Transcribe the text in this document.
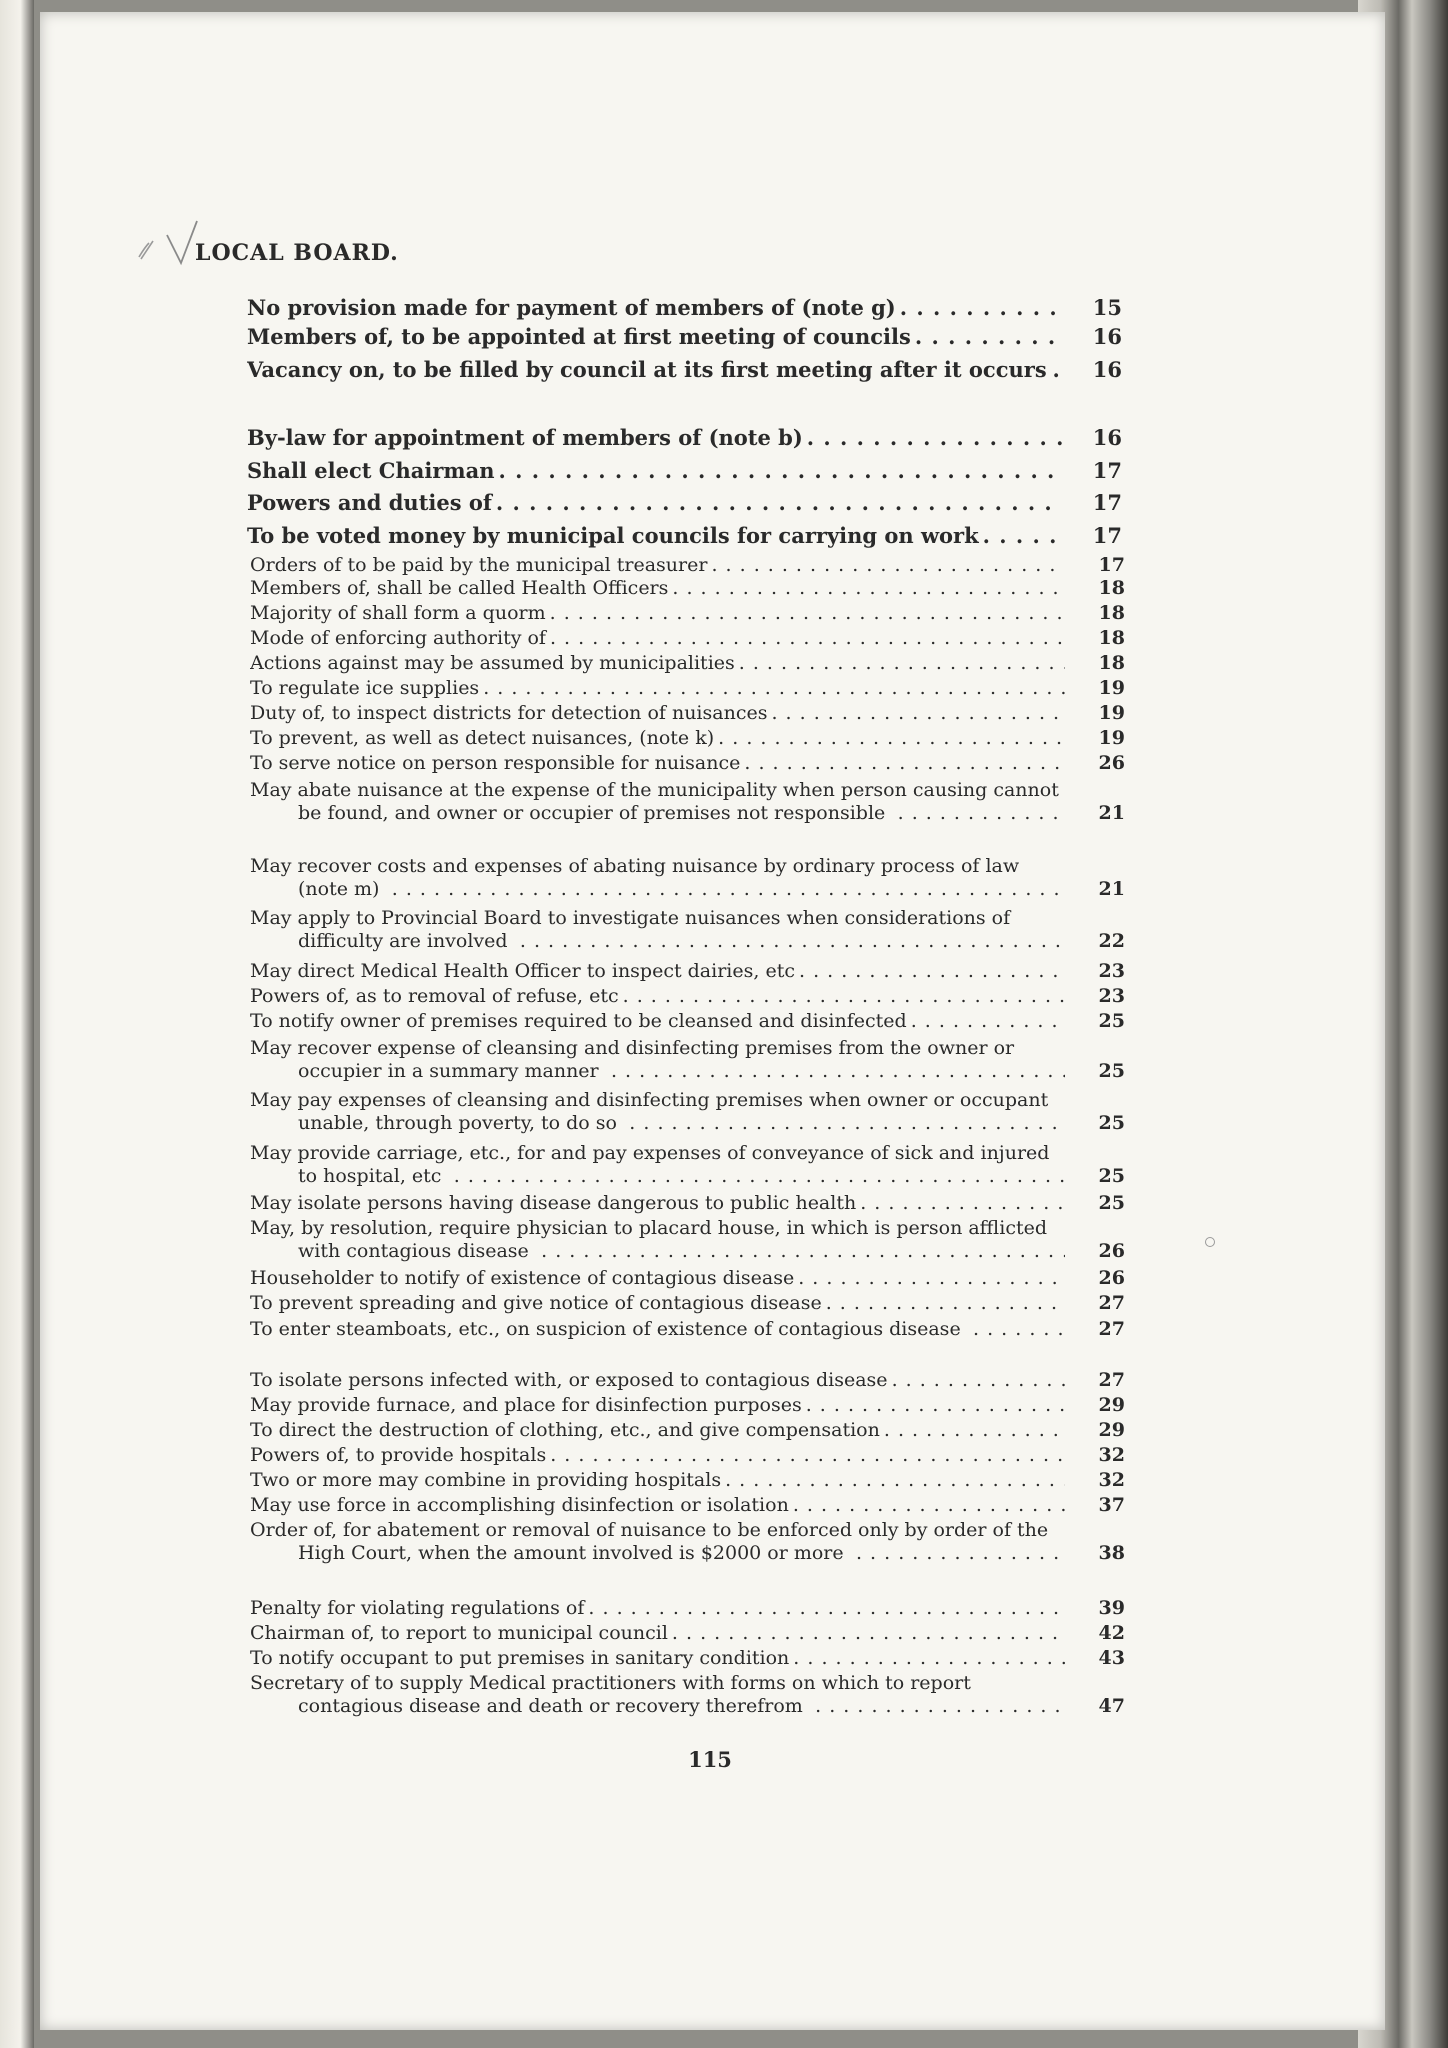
LOCAL BOARD.
No provision made for payment of members of (note g) . . .	15
Members of, to be appointed at first meeting of councils . . .	16
Vacancy on, to be filled by council at its first meeting after it occurs . . .	16
By-law for appointment of members of (note b) . . .	16
Shall elect Chairman . . .	17
Powers and duties of . . .	17
To be voted money by municipal councils for carrying on work . . .	17
Orders of to be paid by the municipal treasurer . . .	17
Members of, shall be called Health Officers . . .	18
Majority of shall form a quorm . . .	18
Mode of enforcing authority of . . .	18
Actions against may be assumed by municipalities . . .	18
To regulate ice supplies . . .	19
Duty of, to inspect districts for detection of nuisances . . .	19
To prevent, as well as detect nuisances, (note k) . . .	19
To serve notice on person responsible for nuisance . . .	26
May abate nuisance at the expense of the municipality when person causing cannot be found, and owner or occupier of premises not responsible . . .	21
May recover costs and expenses of abating nuisance by ordinary process of law (note m) . . .	21
May apply to Provincial Board to investigate nuisances when considerations of difficulty are involved . . .	22
May direct Medical Health Officer to inspect dairies, etc . . .	23
Powers of, as to removal of refuse, etc . . .	23
To notify owner of premises required to be cleansed and disinfected . . .	25
May recover expense of cleansing and disinfecting premises from the owner or occupier in a summary manner . . .	25
May pay expenses of cleansing and disinfecting premises when owner or occupant unable, through poverty, to do so . . .	25
May provide carriage, etc., for and pay expenses of conveyance of sick and injured to hospital, etc . . .	25
May isolate persons having disease dangerous to public health . . .	25
May, by resolution, require physician to placard house, in which is person afflicted with contagious disease . . .	26
Householder to notify of existence of contagious disease . . .	26
To prevent spreading and give notice of contagious disease . . .	27
To enter steamboats, etc., on suspicion of existence of contagious disease . . .	27
To isolate persons infected with, or exposed to contagious disease . . .	27
May provide furnace, and place for disinfection purposes . . .	29
To direct the destruction of clothing, etc., and give compensation . . .	29
Powers of, to provide hospitals . . .	32
Two or more may combine in providing hospitals . . .	32
May use force in accomplishing disinfection or isolation . . .	37
Order of, for abatement or removal of nuisance to be enforced only by order of the High Court, when the amount involved is $2000 or more . . .	38
Penalty for violating regulations of . . .	39
Chairman of, to report to municipal council . . .	42
To notify occupant to put premises in sanitary condition . . .	43
Secretary of to supply Medical practitioners with forms on which to report contagious disease and death or recovery therefrom . . .	47
115
